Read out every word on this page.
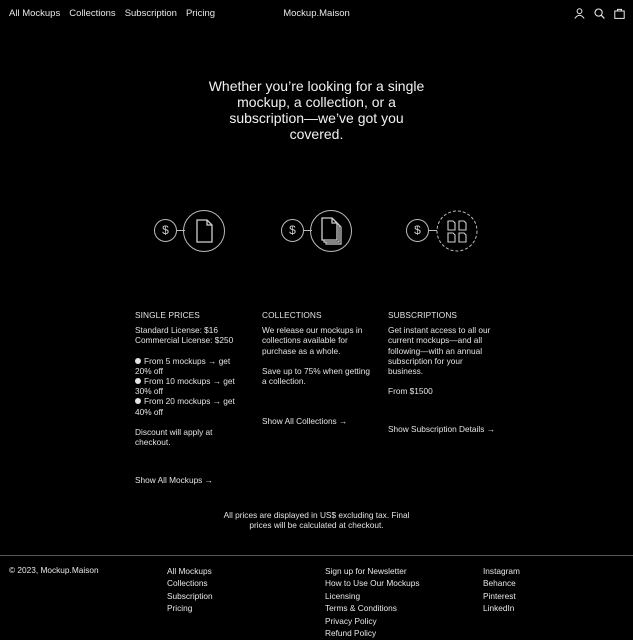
All Mockups Collections Subscription Pricing	Mockup.Maison
Whether you’re looking for a single mockup, a collection, or a subscription—we’ve got you covered.
$	$	$
SINGLE PRICES

Standard License: $16
Commercial License: $250

From 5 mockups → get 20% off
From 10 mockups → get 30% off
From 20 mockups → get 40% off

Discount will apply at checkout.

Show All Mockups →
COLLECTIONS

We release our mockups in collections available for purchase as a whole.

Save up to 75% when getting a collection.

Show All Collections →
SUBSCRIPTIONS

Get instant access to all our current mockups—and all following—with an annual subscription for your business.

From $1500

Show Subscription Details →
All prices are displayed in US$ excluding tax. Final prices will be calculated at checkout.
© 2023, Mockup.Maison	All Mockups
Collections
Subscription
Pricing
Sign up for Newsletter
How to Use Our Mockups
Licensing
Terms & Conditions
Privacy Policy
Refund Policy
Instagram
Behance
Pinterest
LinkedIn
